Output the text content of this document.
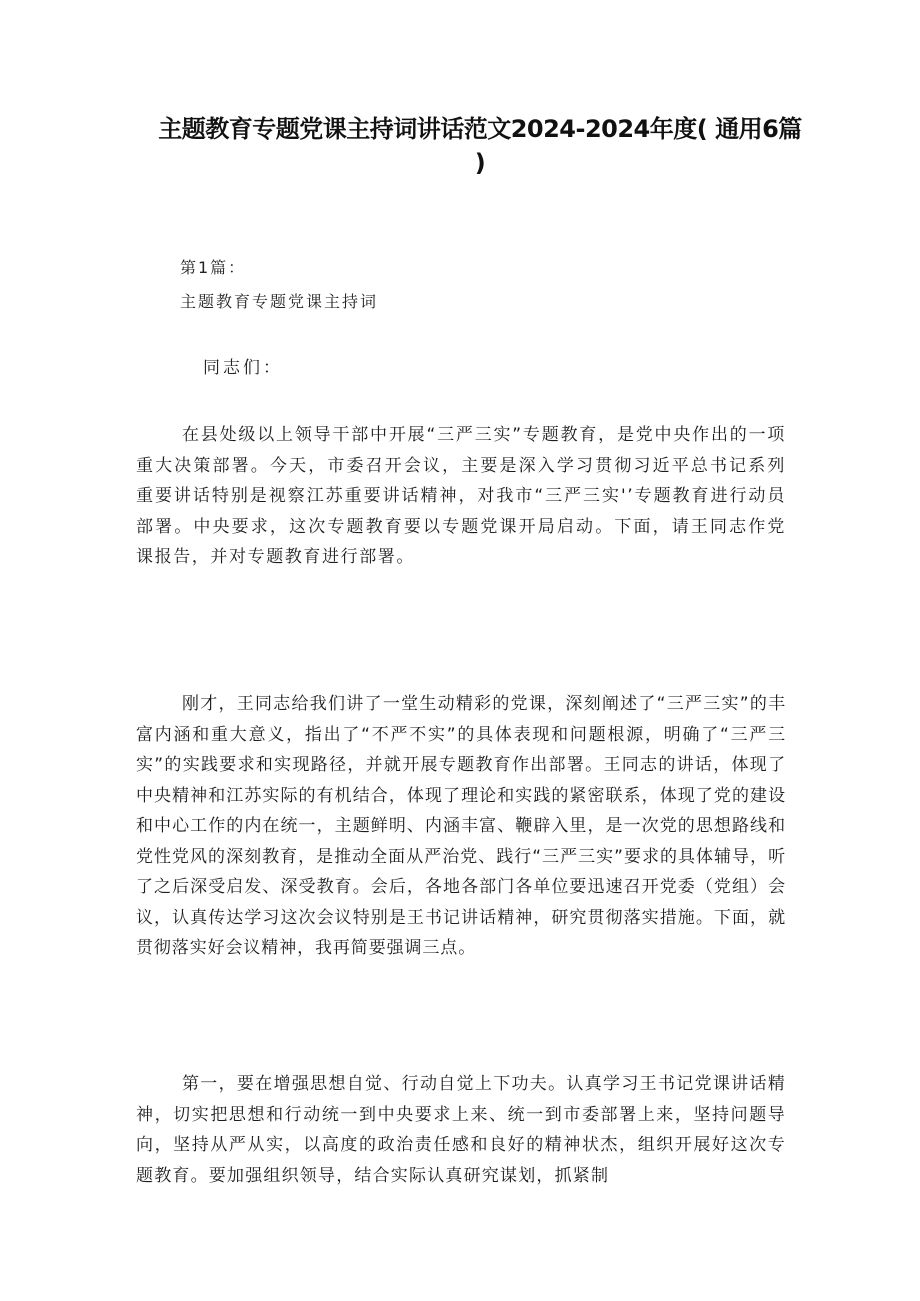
主题教育专题党课主持词讲话范文2024-2024年度( 通用6篇 )
第1篇：
主题教育专题党课主持词
同志们：

在县处级以上领导干部中开展“三严三实”专题教育，是党中央作出的一项重大决策部署。今天，市委召开会议，主要是深入学习贯彻习近平总书记系列重要讲话特别是视察江苏重要讲话精神，对我市“三严三实'’专题教育进行动员部署。中央要求，这次专题教育要以专题党课开局启动。下面，请王同志作党课报告，并对专题教育进行部署。

刚才，王同志给我们讲了一堂生动精彩的党课，深刻阐述了“三严三实”的丰富内涵和重大意义，指出了“不严不实”的具体表现和问题根源，明确了“三严三实”的实践要求和实现路径，并就开展专题教育作出部署。王同志的讲话，体现了中央精神和江苏实际的有机结合，体现了理论和实践的紧密联系，体现了党的建设和中心工作的内在统一，主题鲜明、内涵丰富、鞭辟入里，是一次党的思想路线和党性党风的深刻教育，是推动全面从严治党、践行“三严三实”要求的具体辅导，听了之后深受启发、深受教育。会后，各地各部门各单位要迅速召开党委（党组）会议，认真传达学习这次会议特别是王书记讲话精神，研究贯彻落实措施。下面，就贯彻落实好会议精神，我再简要强调三点。

第一，要在增强思想自觉、行动自觉上下功夫。认真学习王书记党课讲话精神，切实把思想和行动统一到中央要求上来、统一到市委部署上来，坚持问题导向，坚持从严从实，以高度的政治责任感和良好的精神状杰，组织开展好这次专题教育。要加强组织领导，结合实际认真研究谋划，抓紧制
